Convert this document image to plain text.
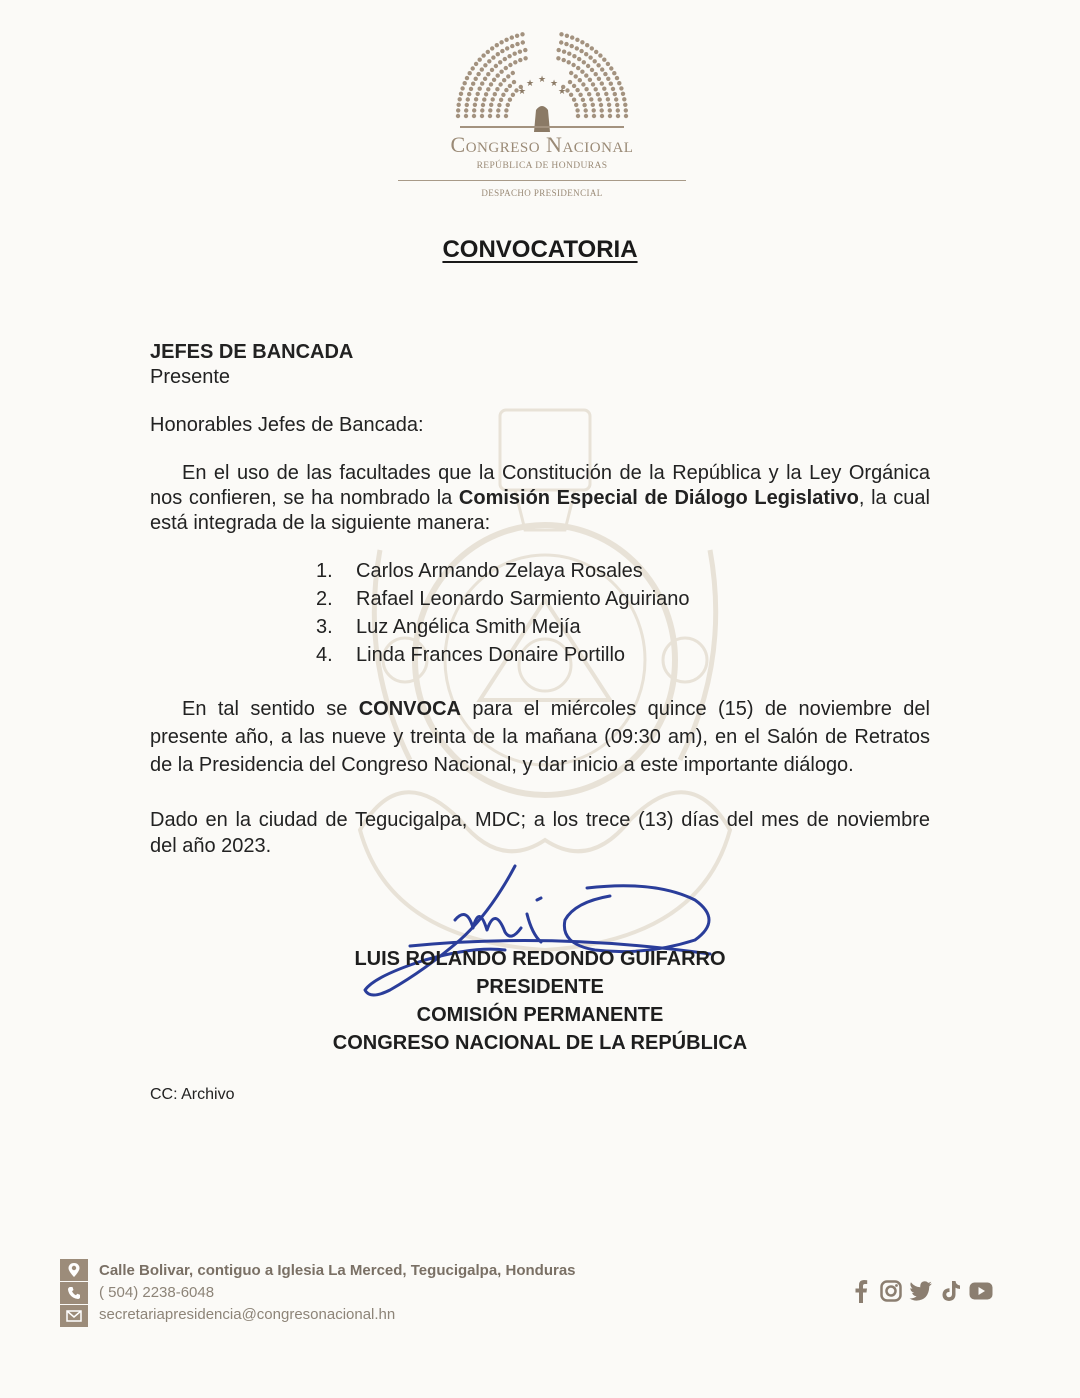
★
★ ★
★
★
Congreso Nacional
REPÚBLICA DE HONDURAS
DESPACHO PRESIDENCIAL
CONVOCATORIA
JEFES DE BANCADA
Presente
Honorables Jefes de Bancada:

En el uso de las facultades que la Constitución de la República y la Ley Orgánica nos confieren, se ha nombrado la Comisión Especial de Diálogo Legislativo, la cual está integrada de la siguiente manera:

1. Carlos Armando Zelaya Rosales
2. Rafael Leonardo Sarmiento Aguiriano
3. Luz Angélica Smith Mejía
4. Linda Frances Donaire Portillo

En tal sentido se CONVOCA para el miércoles quince (15) de noviembre del presente año, a las nueve y treinta de la mañana (09:30 am), en el Salón de Retratos de la Presidencia del Congreso Nacional, y dar inicio a este importante diálogo.

Dado en la ciudad de Tegucigalpa, MDC; a los trece (13) días del mes de noviembre del año 2023.

LUIS ROLANDO REDONDO GUIFARRO
PRESIDENTE
COMISIÓN PERMANENTE
CONGRESO NACIONAL DE LA REPÚBLICA
CC: Archivo
Calle Bolivar, contiguo a Iglesia La Merced, Tegucigalpa, Honduras
( 504) 2238-6048
secretariapresidencia@congresonacional.hn
